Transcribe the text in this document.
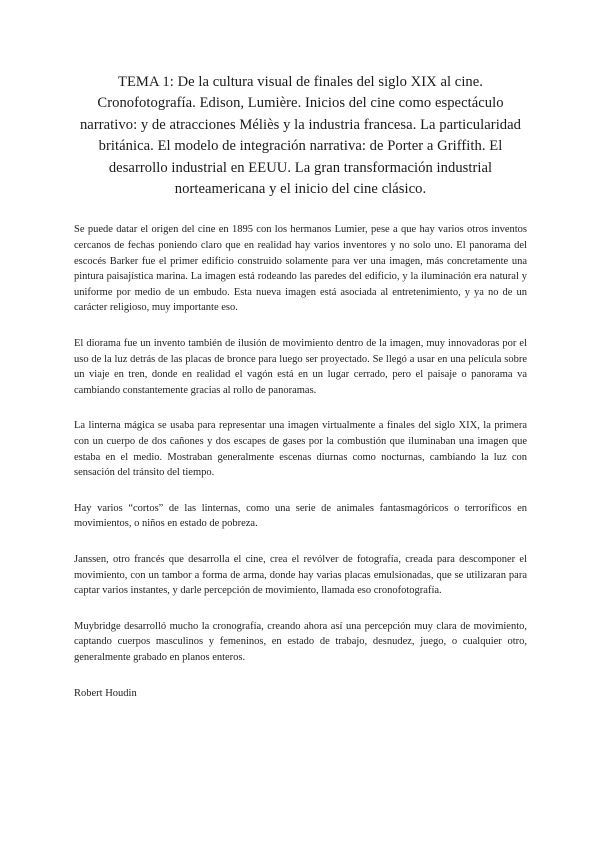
TEMA 1: De la cultura visual de finales del siglo XIX al cine. Cronofotografía. Edison, Lumière. Inicios del cine como espectáculo narrativo: y de atracciones Méliès y la industria francesa. La particularidad británica. El modelo de integración narrativa: de Porter a Griffith. El desarrollo industrial en EEUU. La gran transformación industrial norteamericana y el inicio del cine clásico.

Se puede datar el origen del cine en 1895 con los hermanos Lumier, pese a que hay varios otros inventos cercanos de fechas poniendo claro que en realidad hay varios inventores y no solo uno. El panorama del escocés Barker fue el primer edificio construido solamente para ver una imagen, más concretamente una pintura paisajística marina. La imagen está rodeando las paredes del edificio, y la iluminación era natural y uniforme por medio de un embudo. Esta nueva imagen está asociada al entretenimiento, y ya no de un carácter religioso, muy importante eso.

El diorama fue un invento también de ilusión de movimiento dentro de la imagen, muy innovadoras por el uso de la luz detrás de las placas de bronce para luego ser proyectado. Se llegó a usar en una película sobre un viaje en tren, donde en realidad el vagón está en un lugar cerrado, pero el paisaje o panorama va cambiando constantemente gracias al rollo de panoramas.

La linterna mágica se usaba para representar una imagen virtualmente a finales del siglo XIX, la primera con un cuerpo de dos cañones y dos escapes de gases por la combustión que iluminaban una imagen que estaba en el medio. Mostraban generalmente escenas diurnas como nocturnas, cambiando la luz con sensación del tránsito del tiempo.

Hay varios “cortos” de las linternas, como una serie de animales fantasmagóricos o terroríficos en movimientos, o niños en estado de pobreza.

Janssen, otro francés que desarrolla el cine, crea el revólver de fotografía, creada para descomponer el movimiento, con un tambor a forma de arma, donde hay varias placas emulsionadas, que se utilizaran para captar varios instantes, y darle percepción de movimiento, llamada eso cronofotografía.

Muybridge desarrolló mucho la cronografía, creando ahora así una percepción muy clara de movimiento, captando cuerpos masculinos y femeninos, en estado de trabajo, desnudez, juego, o cualquier otro, generalmente grabado en planos enteros.

Robert Houdin
